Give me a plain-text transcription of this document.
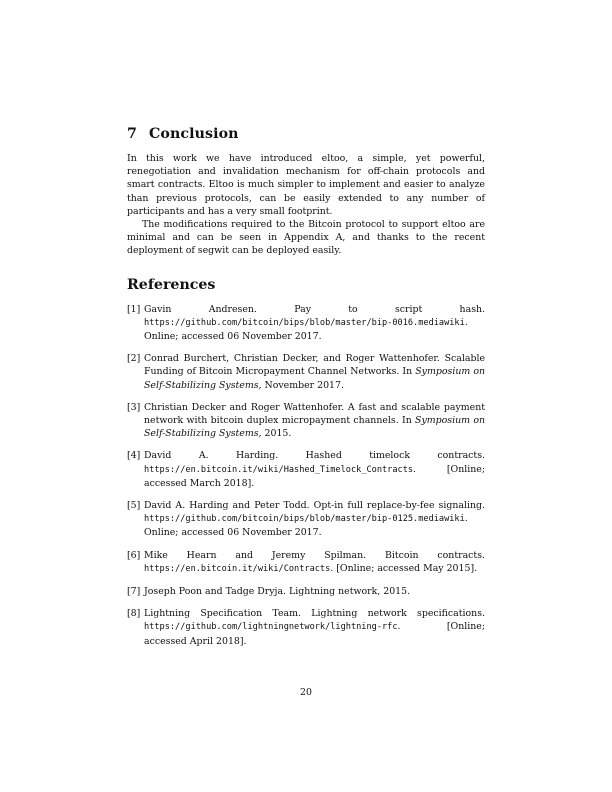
7 Conclusion

In this work we have introduced eltoo, a simple, yet powerful, renegotiation and invalidation mechanism for off-chain protocols and smart contracts. Eltoo is much simpler to implement and easier to analyze than previous protocols, can be easily extended to any number of participants and has a very small footprint.

The modifications required to the Bitcoin protocol to support eltoo are minimal and can be seen in Appendix A, and thanks to the recent deployment of segwit can be deployed easily.

References
[1] Gavin Andresen.	Pay to script hash. https://github.com/bitcoin/bips/blob/master/bip-0016.mediawiki. Online; accessed 06 November 2017.
[2] Conrad Burchert, Christian Decker, and Roger Wattenhofer. Scalable Funding of Bitcoin Micropayment Channel Networks. In Symposium on Self-Stabilizing Systems, November 2017.
[3] Christian Decker and Roger Wattenhofer. A fast and scalable payment network with bitcoin duplex micropayment channels. In Symposium on Self-Stabilizing Systems, 2015.
[4] David A. Harding. Hashed timelock contracts. https://en.bitcoin.it/wiki/Hashed_Timelock_Contracts. [Online; accessed March 2018].
[5] David A. Harding and Peter Todd. Opt-in full replace-by-fee signaling. https://github.com/bitcoin/bips/blob/master/bip-0125.mediawiki. Online; accessed 06 November 2017.
[6] Mike Hearn and Jeremy Spilman. Bitcoin contracts. https://en.bitcoin.it/wiki/Contracts. [Online; accessed May 2015].
[7] Joseph Poon and Tadge Dryja. Lightning network, 2015.
[8] Lightning Specification Team. Lightning network specifications. https://github.com/lightningnetwork/lightning-rfc. [Online; accessed April 2018].
20
